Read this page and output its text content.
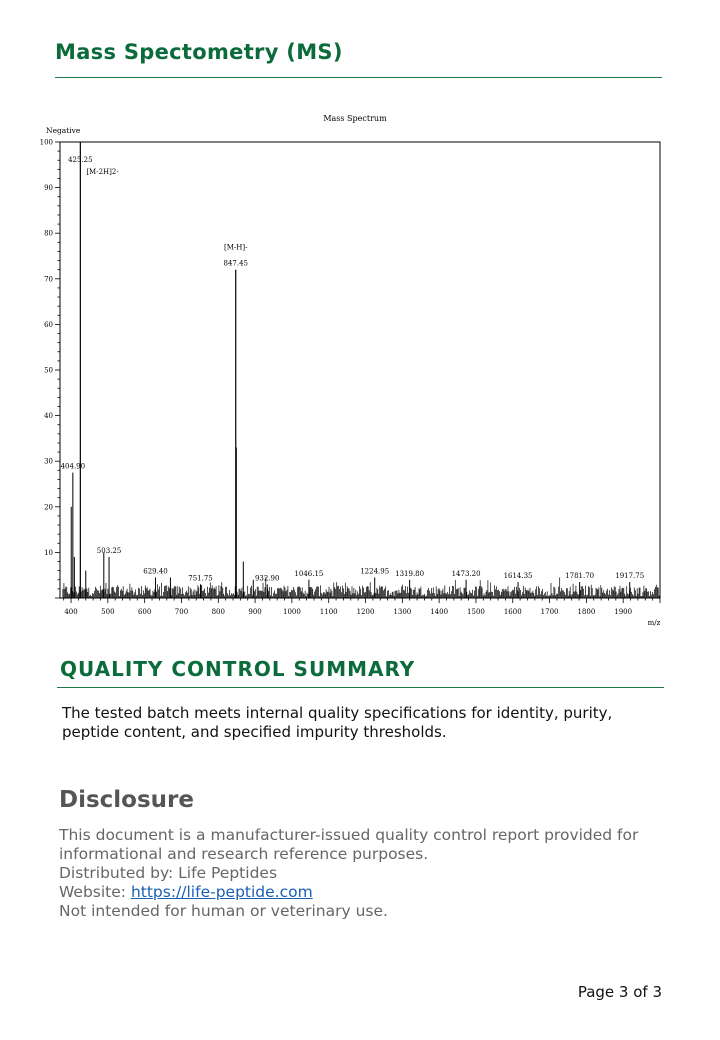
Mass Spectometry (MS)
Mass Spectrum
Negative
404.90
[M-2H]2-
425.25
503.25
629.40
751.75
[M-H]-
847.45
932.90
1046.15	1224.95 1319.80	1473.20	1614.35	1781.70	1917.75
10
20
30
40
50
60
70
80
90
100
400	500	600	700	800	900	1000	1100	1200	1300	1400	1500	1600	1700	1800	1900
m/z
QUALITY CONTROL SUMMARY

The tested batch meets internal quality specifications for identity, purity, peptide content, and specified impurity thresholds.

Disclosure
This document is a manufacturer-issued quality control report provided for informational and research reference purposes.
Distributed by: Life Peptides
Website: https://life-peptide.com
Not intended for human or veterinary use.
Page 3 of 3
